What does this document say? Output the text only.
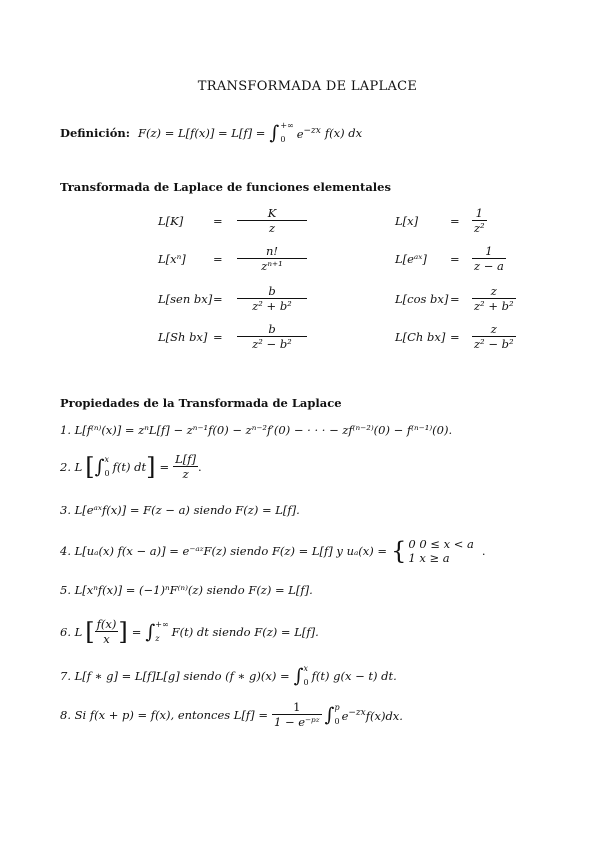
TRANSFORMADA DE LAPLACE
Definición: F(z) = L[f(x)] = L[f] = ∫ +∞
0 $e^{-zx}$ f(x) dx
Transformada de Laplace de funciones elementales
L[K]	=	$\frac{K}{z}$	L[x]	=	$\frac{1}{\text{z²}}$
L[xⁿ]	=	$\frac{n!}{\text{zⁿ⁺¹}}$	L[eᵃˣ]	=	$\frac{1}{z - a}$
L[sen bx] =	$\frac{b}{\text{z² + b²}}$	L[cos bx] =	$\frac{z}{\text{z² + b²}}$
L[Sh bx] =	$\frac{b}{\text{z² − b²}}$	L[Ch bx] =	$\frac{z}{\text{z² − b²}}$
Propiedades de la Transformada de Laplace
1. L[f⁽ⁿ⁾(x)] = zⁿL[f] − zⁿ⁻¹f(0) − zⁿ⁻²f′(0) − · · · − zf⁽ⁿ⁻²⁾(0) − f⁽ⁿ⁻¹⁾(0).
2. L [ ∫ x
0 f(t) dt ] = $\frac{L[f]}{z}$ .
3. L[eᵃˣf(x)] = F(z − a) siendo F(z) = L[f].
4. L[uₐ(x) f(x − a)] = e⁻ᵃᶻF(z) siendo F(z) = L[f] y uₐ(x) = { 0 0 ≤ x < a
1 x ≥ a	.
5. L[xⁿf(x)] = (−1)ⁿF⁽ⁿ⁾(z) siendo F(z) = L[f].
6. L [ $\frac{f(x)}{x}$ ] = ∫ +∞
z	F(t) dt siendo F(z) = L[f].
7. L[f ∗ g] = L[f]L[g] siendo (f ∗ g)(x) = ∫ x
0 f(t) g(x − t) dt.
8. Si f(x + p) = f(x), entonces $L[f] = \frac{1}{\text{1 − e⁻ᵖᶻ}}$ ∫ p
0 $e^{-zx}f(x)dx$.
